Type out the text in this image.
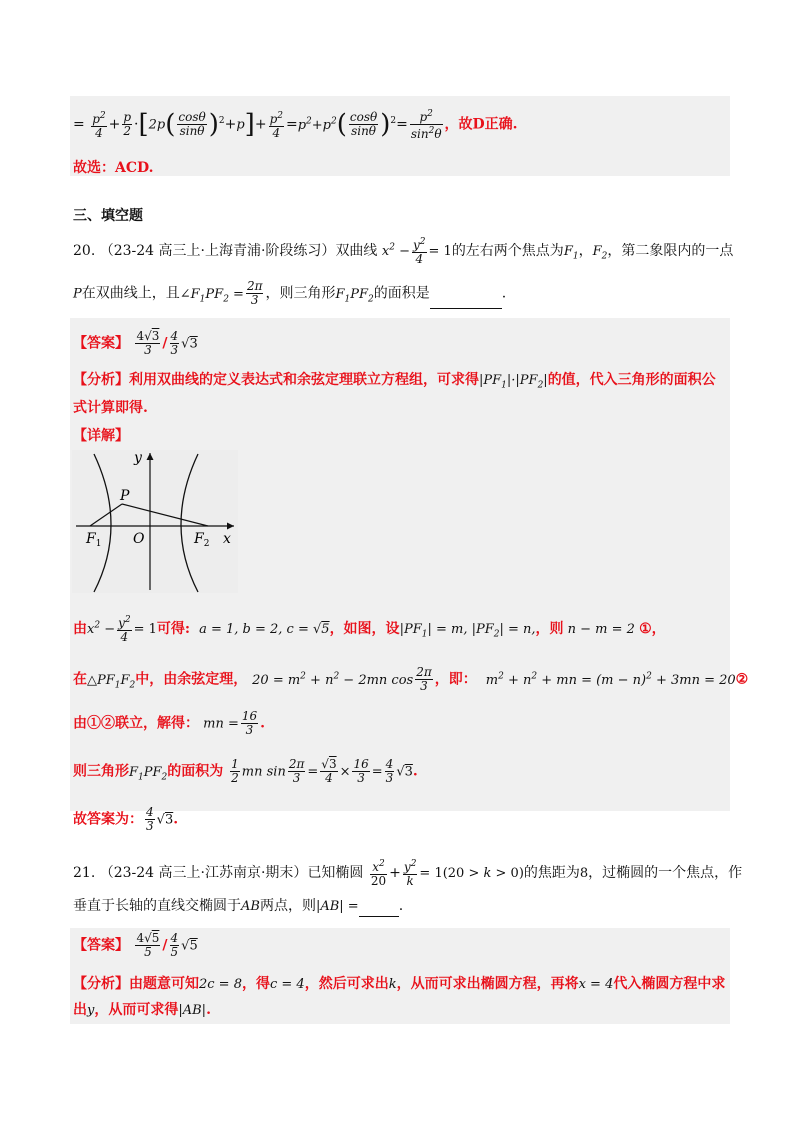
= $\frac{p^2}{4} + \frac{p}{2} \cdot[2p( \frac{\cos\theta}{\sin\theta} )^2+p]+ \frac{p^2}{4} =p^2+p^2( \frac{\cos\theta}{\sin\theta} )^2= \frac{p^2}{\sin^2\theta}$ ，故D正确.
故选：ACD.
三、填空题
20. （23-24 高三上·上海青浦·阶段练习）双曲线 $x^2 - \frac{y^2}{4} = 1$的左右两个焦点为$F_1$，$F_2$，第二象限内的一点
P在双曲线上，且$\angle F_1PF_2 = \frac{2\pi}{3}$ ，则三角形$F_1PF_2$的面积是	.
【答案】 $\frac{4√3}{3} / \frac{4}{3} √3$
【分析】利用双曲线的定义表达式和余弦定理联立方程组，可求得$|PF_1|\cdot|PF_2|$的值，代入三角形的面积公
式计算即得.
【详解】
y
x
P
O
$F_1$	$F_2$
由$x^2 - \frac{y^2}{4} = 1$可得:  a = 1, b = 2, c = √5，如图，设$|PF_1| = m$, $|PF_2| = n$,，则 n − m = 2 ①，
在$\triangle PF_1F_2$中，由余弦定理， $20 = m^2 + n^2 - 2mn$ $\cos \frac{2\pi}{3}$ ，即：  $m^2 + n^2$ + mn = $(m - n)^2 + 3mn$ = 20②
由①②联立，解得： mn = $\frac{16}{3}$ .
则三角形$F_1PF_2$的面积为 $\frac{1}{2}$ mn $\sin \frac{2\pi}{3} = \frac{√3}{4} \times \frac{16}{3} = \frac{4}{3} √3$.
故答案为： $\frac{4}{3} √3$.
21. （23-24 高三上·江苏南京·期末）已知椭圆 $\frac{x^2}{20} + \frac{y^2}{k} = 1(20 > k > 0)$的焦距为8，过椭圆的一个焦点，作
垂直于长轴的直线交椭圆于AB两点，则|AB| =	.
【答案】 $\frac{4√5}{5} / \frac{4}{5} √5$
【分析】由题意可知2c = 8，得c = 4，然后可求出k，从而可求出椭圆方程，再将x = 4代入椭圆方程中求
出y，从而可求得|AB|.
